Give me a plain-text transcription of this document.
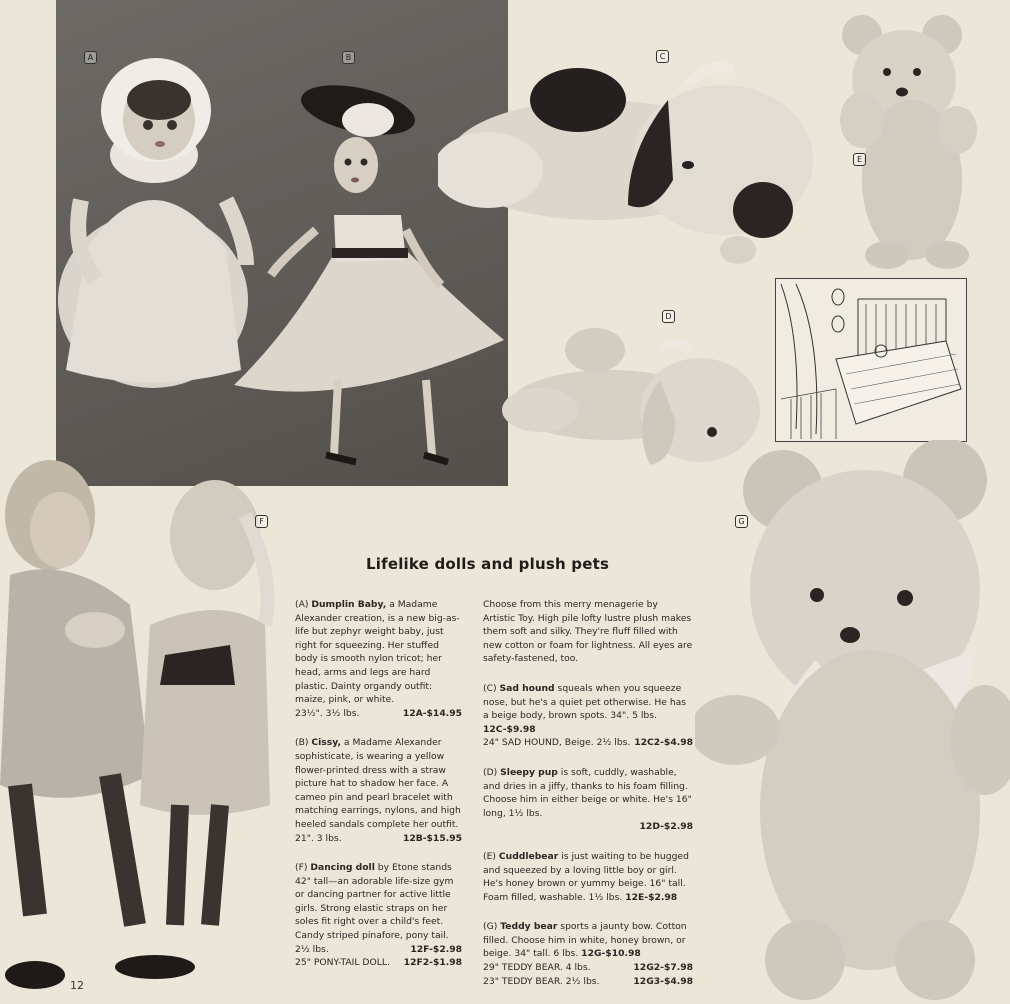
A	B	C
E
D
F	G
Lifelike dolls and plush pets

(A) Dumplin Baby, a Madame Alexander creation, is a new big-as-life but zephyr weight baby, just right for squeezing. Her stuffed body is smooth nylon tricot; her head, arms and legs are hard plastic. Dainty organdy outfit: maize, pink, or white.
23½". 3½ lbs.	12A-$14.95

(B) Cissy, a Madame Alexander sophisticate, is wearing a yellow flower-printed dress with a straw picture hat to shadow her face. A cameo pin and pearl bracelet with matching earrings, nylons, and high heeled sandals complete her outfit.
21". 3 lbs.	12B-$15.95

(F) Dancing doll by Etone stands 42" tall—an adorable life-size gym or dancing partner for active little girls. Strong elastic straps on her soles fit right over a child's feet. Candy striped pinafore, pony tail.
2½ lbs.	12F-$2.98
25" PONY-TAIL DOLL. 12F2-$1.98

Choose from this merry menagerie by Artistic Toy. High pile lofty lustre plush makes them soft and silky. They're fluff filled with new cotton or foam for lightness. All eyes are safety-fastened, too.

(C) Sad hound squeals when you squeeze nose, but he's a quiet pet otherwise. He has a beige body, brown spots. 34". 5 lbs. 12C-$9.98
24" SAD HOUND, Beige. 2½ lbs. 12C2-$4.98

(D) Sleepy pup is soft, cuddly, washable, and dries in a jiffy, thanks to his foam filling. Choose him in either beige or white. He's 16" long, 1½ lbs.
12D-$2.98

(E) Cuddlebear is just waiting to be hugged and squeezed by a loving little boy or girl. He's honey brown or yummy beige. 16" tall. Foam filled, washable. 1½ lbs. 12E-$2.98

(G) Teddy bear sports a jaunty bow. Cotton filled. Choose him in white, honey brown, or beige. 34" tall. 6 lbs. 12G-$10.98
29" TEDDY BEAR. 4 lbs.	12G2-$7.98
23" TEDDY BEAR. 2½ lbs.	12G3-$4.98

12
